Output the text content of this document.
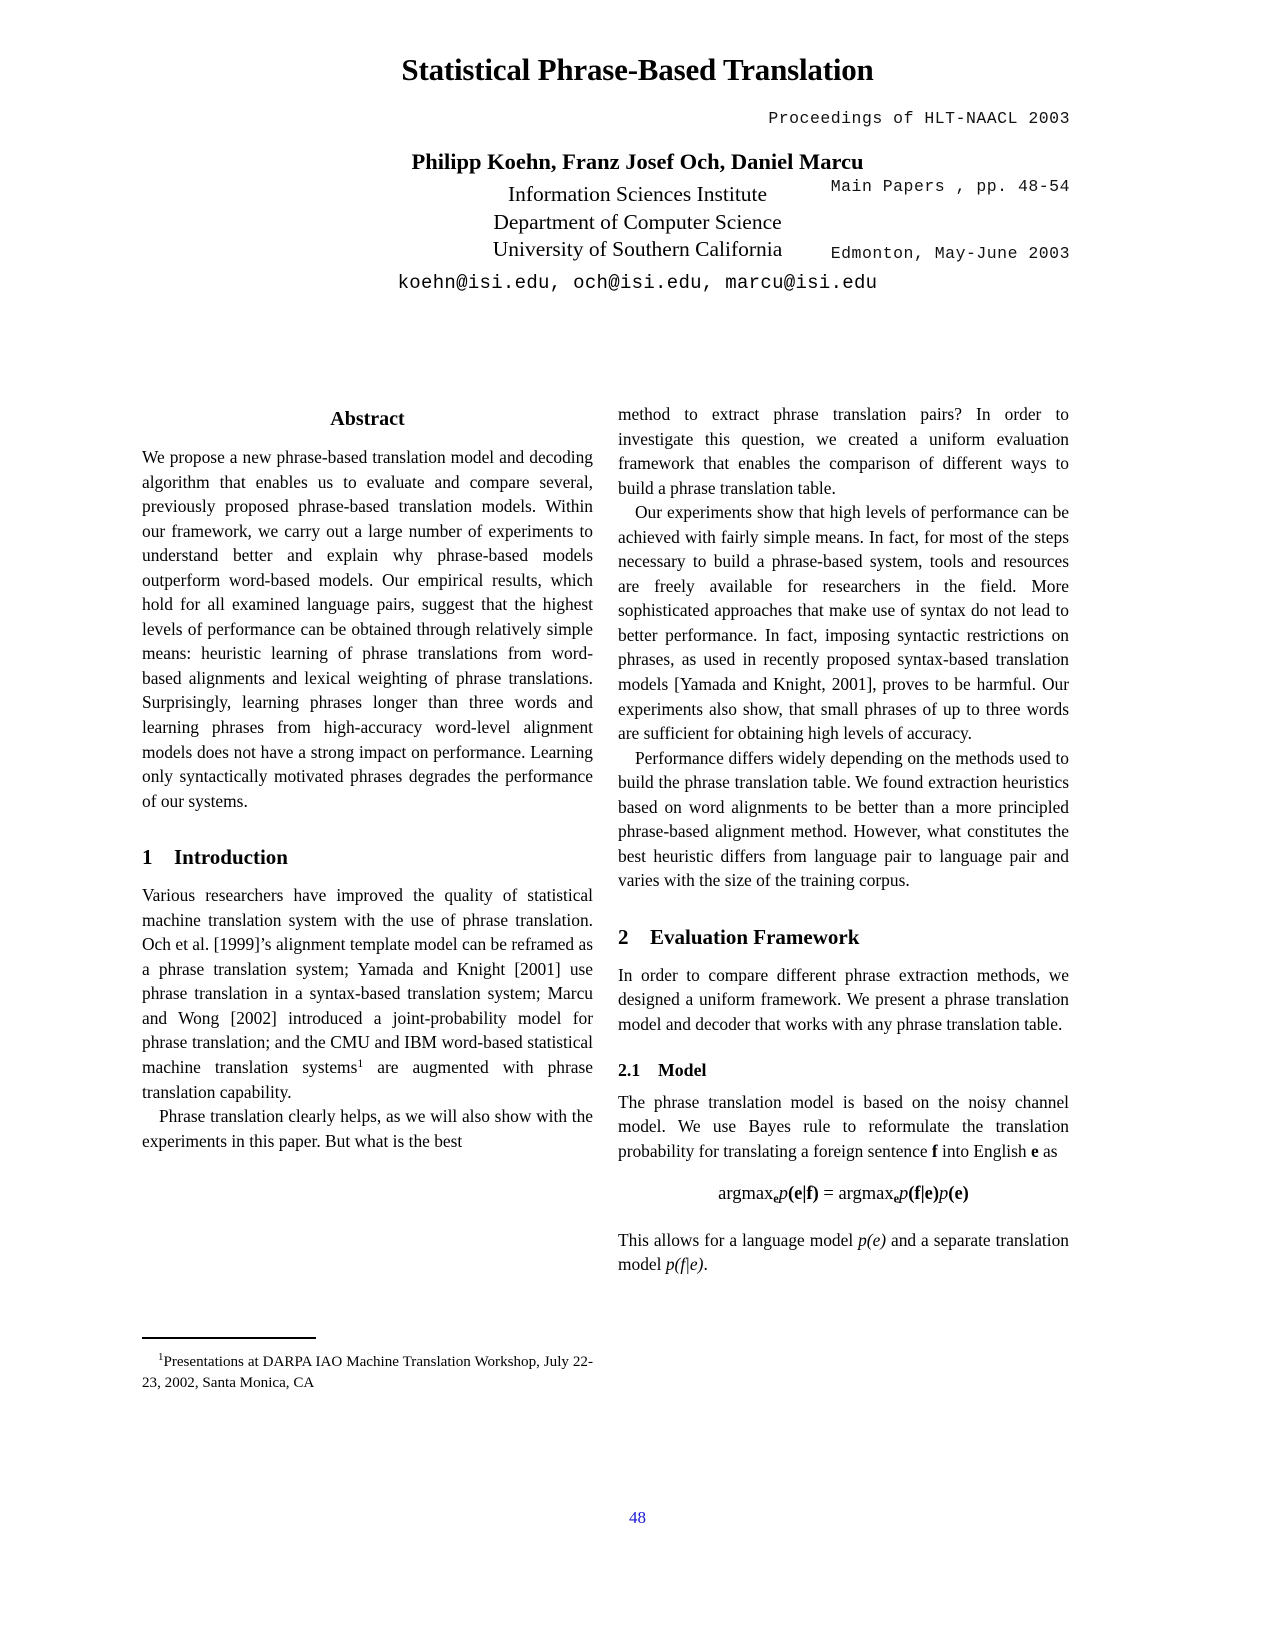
Proceedings of HLT-NAACL 2003

Main Papers , pp. 48-54

Edmonton, May-June 2003

Statistical Phrase-Based Translation
Philipp Koehn, Franz Josef Och, Daniel Marcu
Information Sciences Institute
Department of Computer Science
University of Southern California
koehn@isi.edu, och@isi.edu, marcu@isi.edu
Abstract

We propose a new phrase-based translation model and decoding algorithm that enables us to evaluate and compare several, previously proposed phrase-based translation models. Within our framework, we carry out a large number of experiments to understand better and explain why phrase-based models outperform word-based models. Our empirical results, which hold for all examined language pairs, suggest that the highest levels of performance can be obtained through relatively simple means: heuristic learning of phrase translations from word-based alignments and lexical weighting of phrase translations. Surprisingly, learning phrases longer than three words and learning phrases from high-accuracy word-level alignment models does not have a strong impact on performance. Learning only syntactically motivated phrases degrades the performance of our systems.

1 Introduction

Various researchers have improved the quality of statistical machine translation system with the use of phrase translation. Och et al. [1999]’s alignment template model can be reframed as a phrase translation system; Yamada and Knight [2001] use phrase translation in a syntax-based translation system; Marcu and Wong [2002] introduced a joint-probability model for phrase translation; and the CMU and IBM word-based statistical machine translation systems$^1$ are augmented with phrase translation capability.

Phrase translation clearly helps, as we will also show with the experiments in this paper. But what is the best

method to extract phrase translation pairs? In order to investigate this question, we created a uniform evaluation framework that enables the comparison of different ways to build a phrase translation table.

Our experiments show that high levels of performance can be achieved with fairly simple means. In fact, for most of the steps necessary to build a phrase-based system, tools and resources are freely available for researchers in the field. More sophisticated approaches that make use of syntax do not lead to better performance. In fact, imposing syntactic restrictions on phrases, as used in recently proposed syntax-based translation models [Yamada and Knight, 2001], proves to be harmful. Our experiments also show, that small phrases of up to three words are sufficient for obtaining high levels of accuracy.

Performance differs widely depending on the methods used to build the phrase translation table. We found extraction heuristics based on word alignments to be better than a more principled phrase-based alignment method. However, what constitutes the best heuristic differs from language pair to language pair and varies with the size of the training corpus.

2 Evaluation Framework

In order to compare different phrase extraction methods, we designed a uniform framework. We present a phrase translation model and decoder that works with any phrase translation table.

2.1 Model

The phrase translation model is based on the noisy channel model. We use Bayes rule to reformulate the translation probability for translating a foreign sentence f into English e as

argmax$_e$p(e|f) = argmax$_e$p(f|e)p(e)

This allows for a language model p(e) and a separate translation model p(f|e).

$^1$Presentations at DARPA IAO Machine Translation Workshop, July 22-23, 2002, Santa Monica, CA

48
